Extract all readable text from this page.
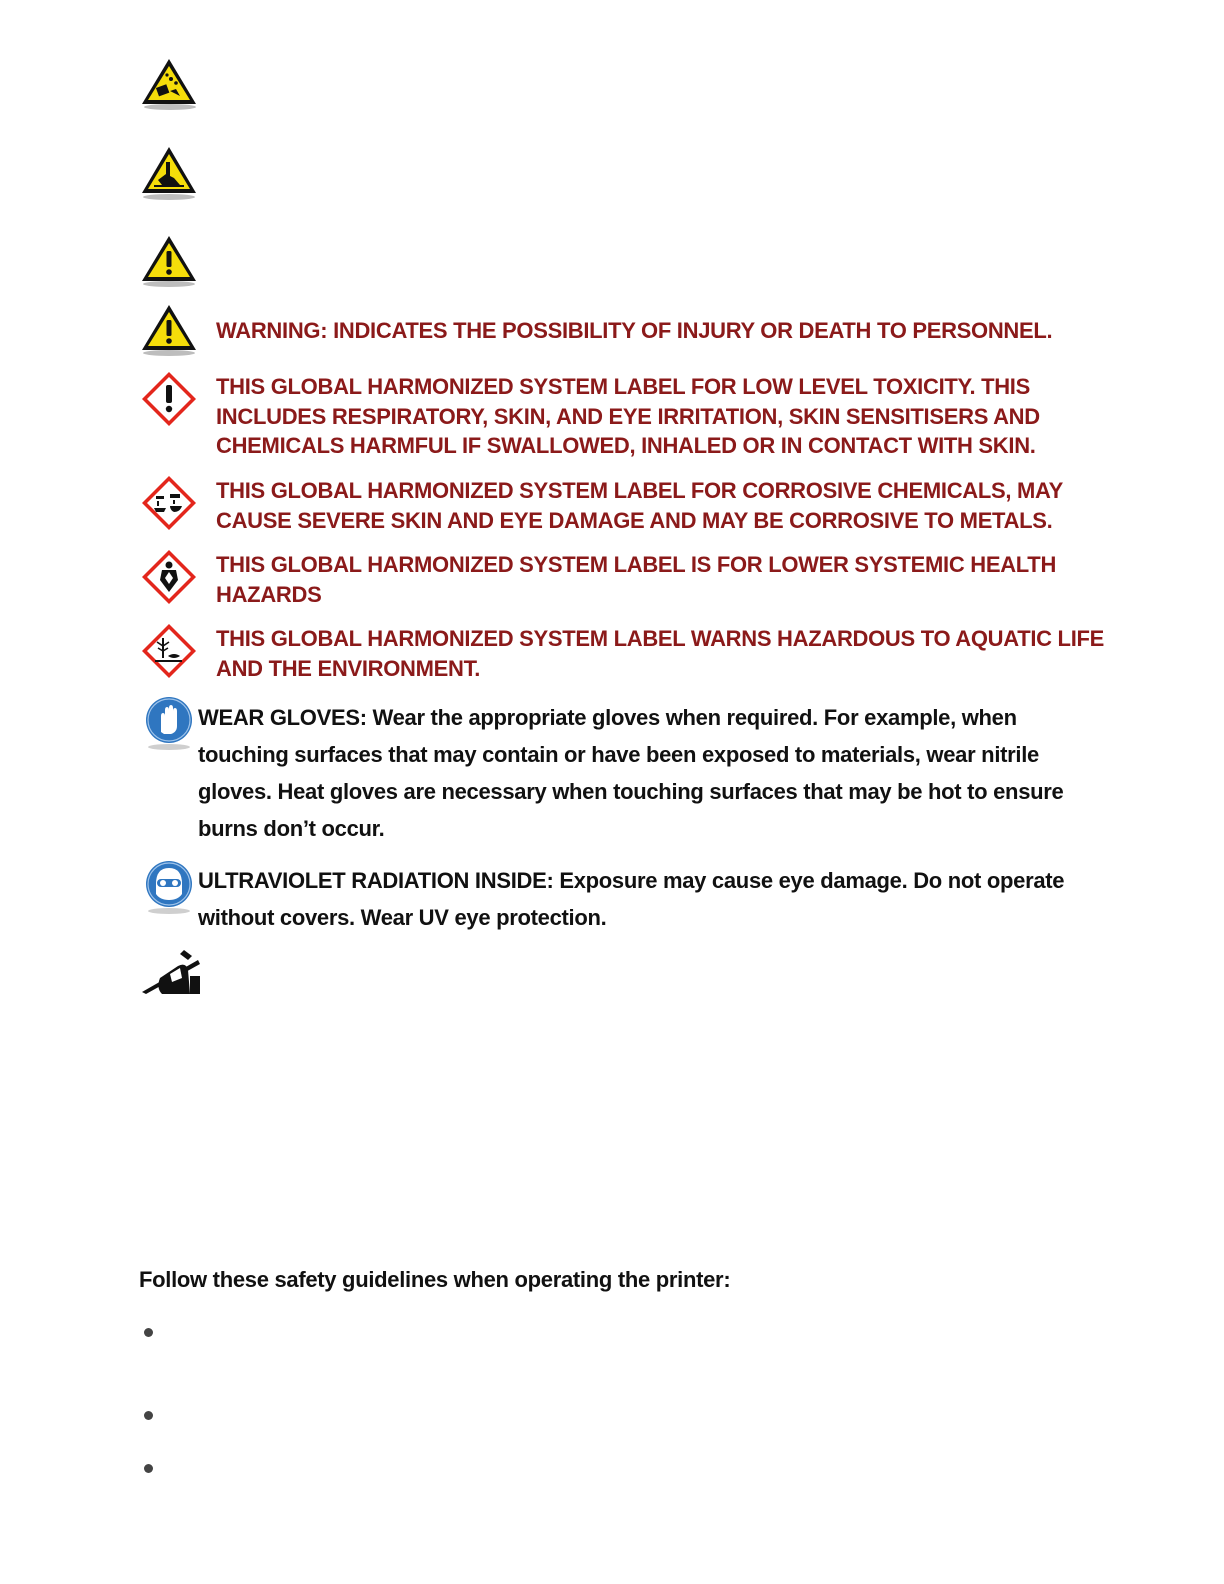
WARNING: INDICATES THE POSSIBILITY OF INJURY OR DEATH TO PERSONNEL.
THIS GLOBAL HARMONIZED SYSTEM LABEL FOR LOW LEVEL TOXICITY. THIS INCLUDES RESPIRATORY, SKIN, AND EYE IRRITATION, SKIN SENSITISERS AND CHEMICALS HARMFUL IF SWALLOWED, INHALED OR IN CONTACT WITH SKIN.
THIS GLOBAL HARMONIZED SYSTEM LABEL FOR CORROSIVE CHEMICALS, MAY CAUSE SEVERE SKIN AND EYE DAMAGE AND MAY BE CORROSIVE TO METALS.
THIS GLOBAL HARMONIZED SYSTEM LABEL IS FOR LOWER SYSTEMIC HEALTH HAZARDS
THIS GLOBAL HARMONIZED SYSTEM LABEL WARNS HAZARDOUS TO AQUATIC LIFE AND THE ENVIRONMENT.
WEAR GLOVES: Wear the appropriate gloves when required. For example, when touching surfaces that may contain or have been exposed to materials, wear nitrile gloves. Heat gloves are necessary when touching surfaces that may be hot to ensure burns don’t occur.
ULTRAVIOLET RADIATION INSIDE: Exposure may cause eye damage. Do not operate without covers. Wear UV eye protection.
Follow these safety guidelines when operating the printer:
